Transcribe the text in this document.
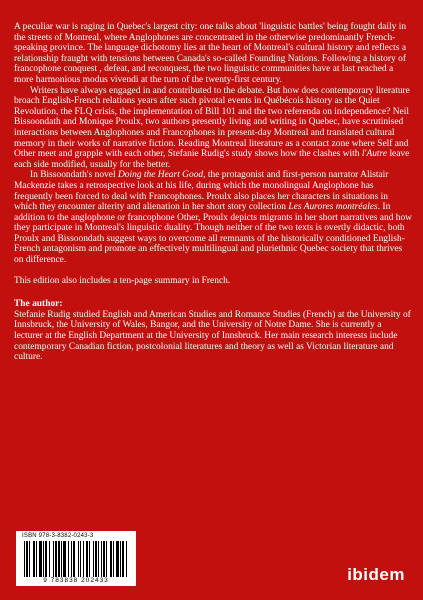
A peculiar war is raging in Quebec's largest city: one talks about 'linguistic battles' being fought daily in the streets of Montreal, where Anglophones are concentrated in the otherwise predominantly French-speaking province. The language dichotomy lies at the heart of Montreal's cultural history and reflects a relationship fraught with tensions between Canada's so-called Founding Nations. Following a history of francophone conquest , defeat, and reconquest, the two linguistic communities have at last reached a more harmonious modus vivendi at the turn of the twenty-first century.

Writers have always engaged in and contributed to the debate. But how does contemporary literature broach English-French relations years after such pivotal events in Québécois history as the Quiet Revolution, the FLQ crisis, the implementation of Bill 101 and the two referenda on independence? Neil Bissoondath and Monique Proulx, two authors presently living and writing in Quebec, have scrutinised interactions between Anglophones and Francophones in present-day Montreal and translated cultural memory in their works of narrative fiction. Reading Montreal literature as a contact zone where Self and Other meet and grapple with each other, Stefanie Rudig's study shows how the clashes with l'Autre leave each side modified, usually for the better.

In Bissoondath's novel Doing the Heart Good, the protagonist and first-person narrator Alistair Mackenzie takes a retrospective look at his life, during which the monolingual Anglophone has frequently been forced to deal with Francophones. Proulx also places her characters in situations in which they encounter alterity and alienation in her short story collection Les Aurores montréales. In addition to the anglophone or francophone Other, Proulx depicts migrants in her short narratives and how they participate in Montreal's linguistic duality. Though neither of the two texts is overtly didactic, both Proulx and Bissoondath suggest ways to overcome all remnants of the historically conditioned English-French antagonism and promote an effectively multilingual and pluriethnic Quebec society that thrives on difference.

This edition also includes a ten-page summary in French.

The author:

Stefanie Rudig studied English and American Studies and Romance Studies (French) at the University of Innsbruck, the University of Wales, Bangor, and the University of Notre Dame. She is currently a lecturer at the English Department at the University of Innsbruck. Her main research interests include contemporary Canadian fiction, postcolonial literatures and theory as well as Victorian literature and culture.

ISBN 978-3-8382-0243-3
9 783838 202433	ibidem
